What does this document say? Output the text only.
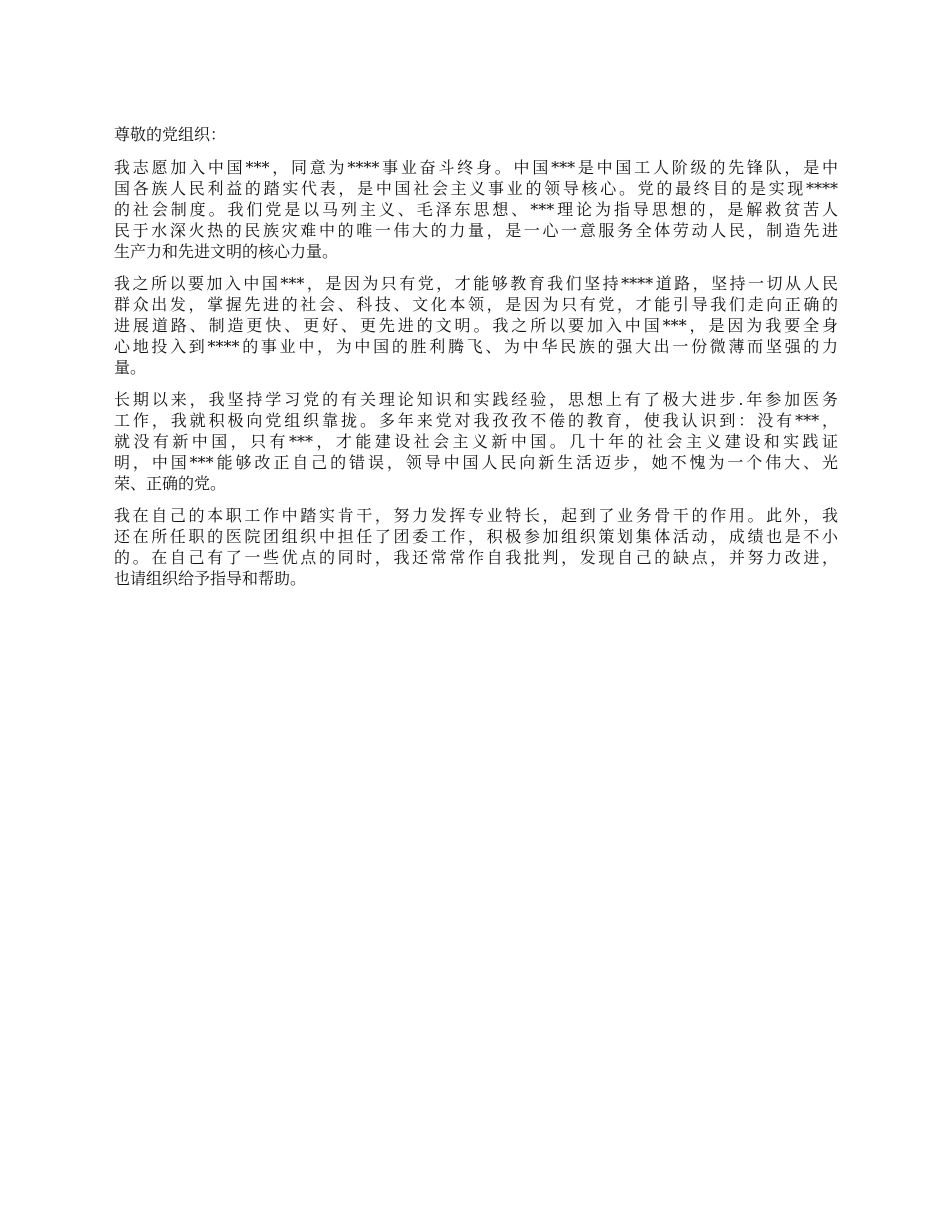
尊敬的党组织：

我志愿加入中国***，同意为****事业奋斗终身。中国***是中国工人阶级的先锋队，是中
国各族人民利益的踏实代表，是中国社会主义事业的领导核心。党的最终目的是实现****
的社会制度。我们党是以马列主义、毛泽东思想、***理论为指导思想的，是解救贫苦人
民于水深火热的民族灾难中的唯一伟大的力量，是一心一意服务全体劳动人民，制造先进
生产力和先进文明的核心力量。
我之所以要加入中国***，是因为只有党，才能够教育我们坚持****道路，坚持一切从人民
群众出发，掌握先进的社会、科技、文化本领，是因为只有党，才能引导我们走向正确的
进展道路、制造更快、更好、更先进的文明。我之所以要加入中国***，是因为我要全身
心地投入到****的事业中，为中国的胜利腾飞、为中华民族的强大出一份微薄而坚强的力
量。
长期以来，我坚持学习党的有关理论知识和实践经验，思想上有了极大进步.年参加医务
工作，我就积极向党组织靠拢。多年来党对我孜孜不倦的教育，使我认识到：没有***，
就没有新中国，只有***，才能建设社会主义新中国。几十年的社会主义建设和实践证
明，中国***能够改正自己的错误，领导中国人民向新生活迈步，她不愧为一个伟大、光
荣、正确的党。
我在自己的本职工作中踏实肯干，努力发挥专业特长，起到了业务骨干的作用。此外，我
还在所任职的医院团组织中担任了团委工作，积极参加组织策划集体活动，成绩也是不小
的。在自己有了一些优点的同时，我还常常作自我批判，发现自己的缺点，并努力改进，
也请组织给予指导和帮助。
